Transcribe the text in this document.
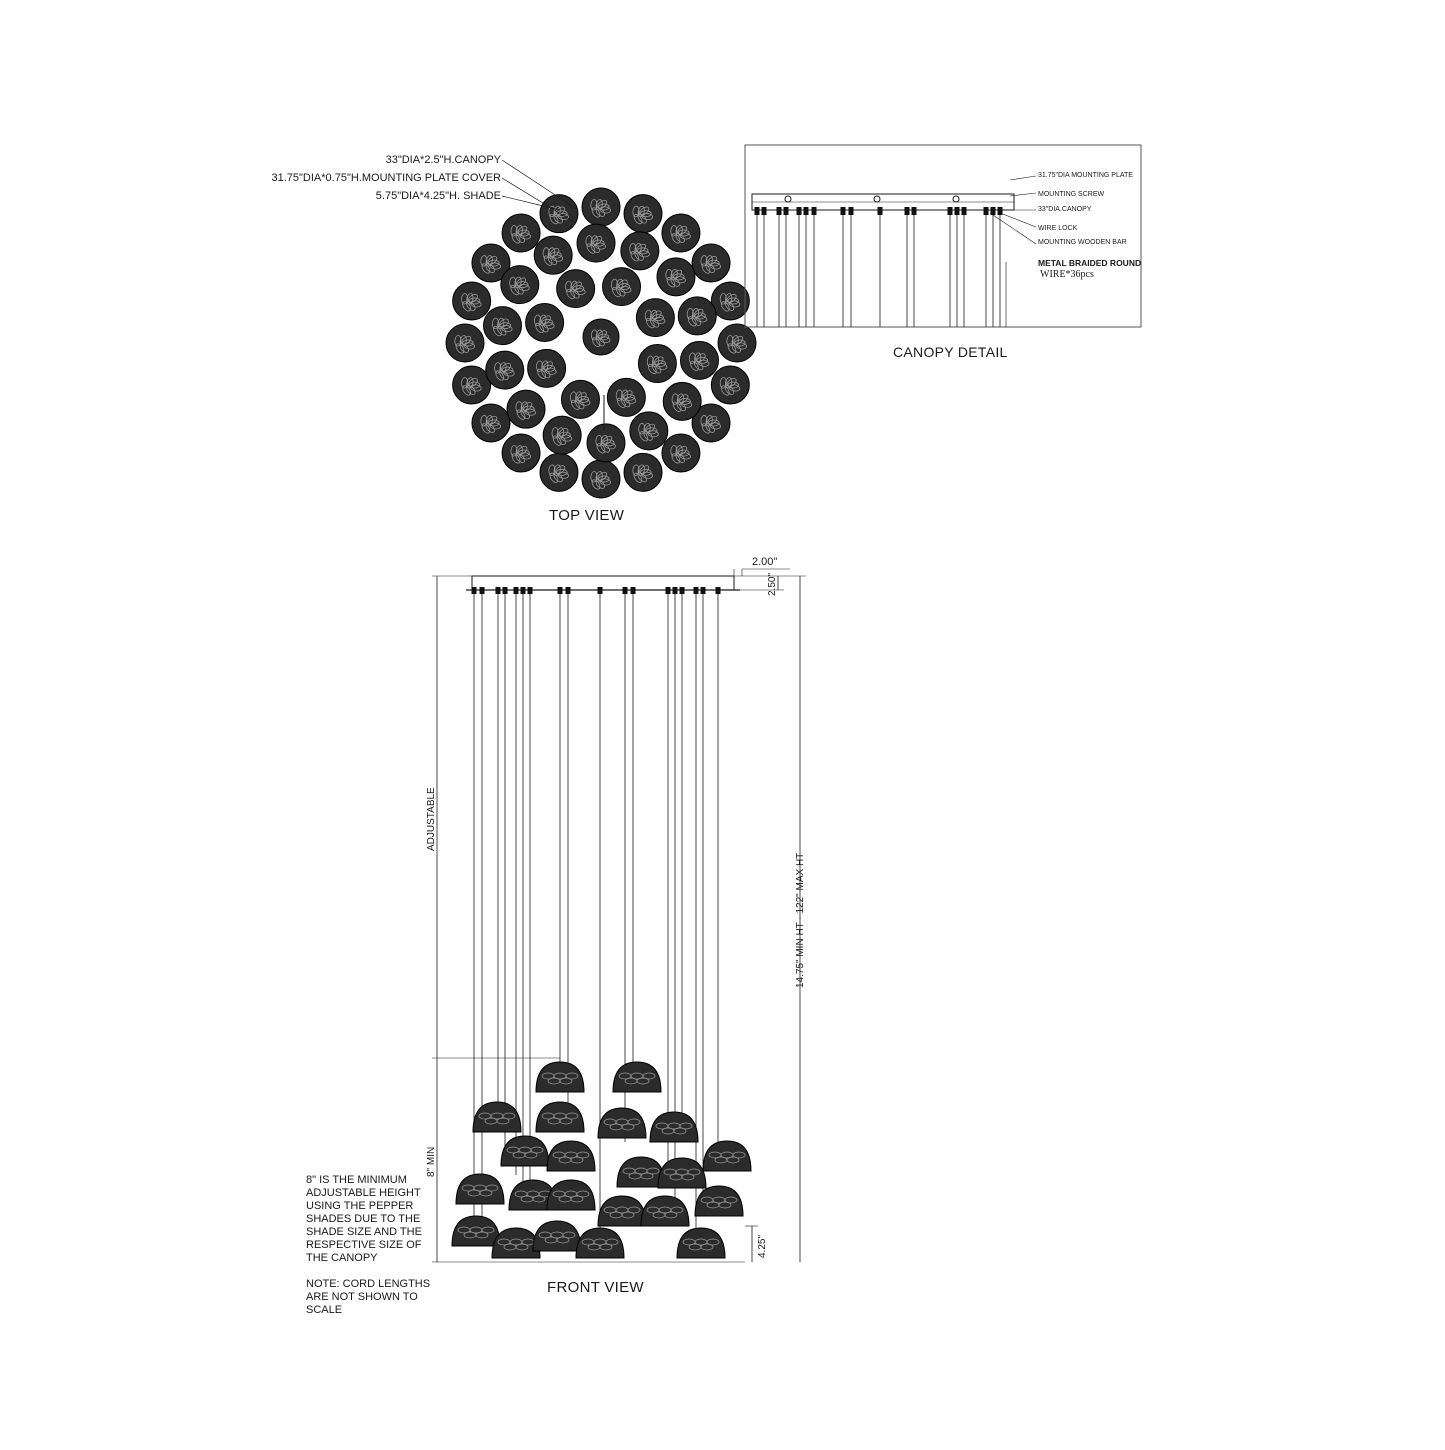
33"DIA*2.5"H.CANOPY
31.75"DIA*0.75"H.MOUNTING PLATE COVER
5.75"DIA*4.25"H. SHADE
TOP VIEW
31.75"DIA MOUNTING PLATE
MOUNTING SCREW
33"DIA.CANOPY
WIRE LOCK
MOUNTING WOODEN BAR
METAL BRAIDED ROUND
WIRE*36pcs
CANOPY DETAIL
2.00"
2.50"
ADJUSTABLE
14.75" MIN HT - 122" MAX HT
8" MIN
4.25"
8" IS THE MINIMUM ADJUSTABLE HEIGHT USING THE PEPPER SHADES DUE TO THE SHADE SIZE AND THE RESPECTIVE SIZE OF THE CANOPY
NOTE: CORD LENGTHS ARE NOT SHOWN TO SCALE
FRONT VIEW
